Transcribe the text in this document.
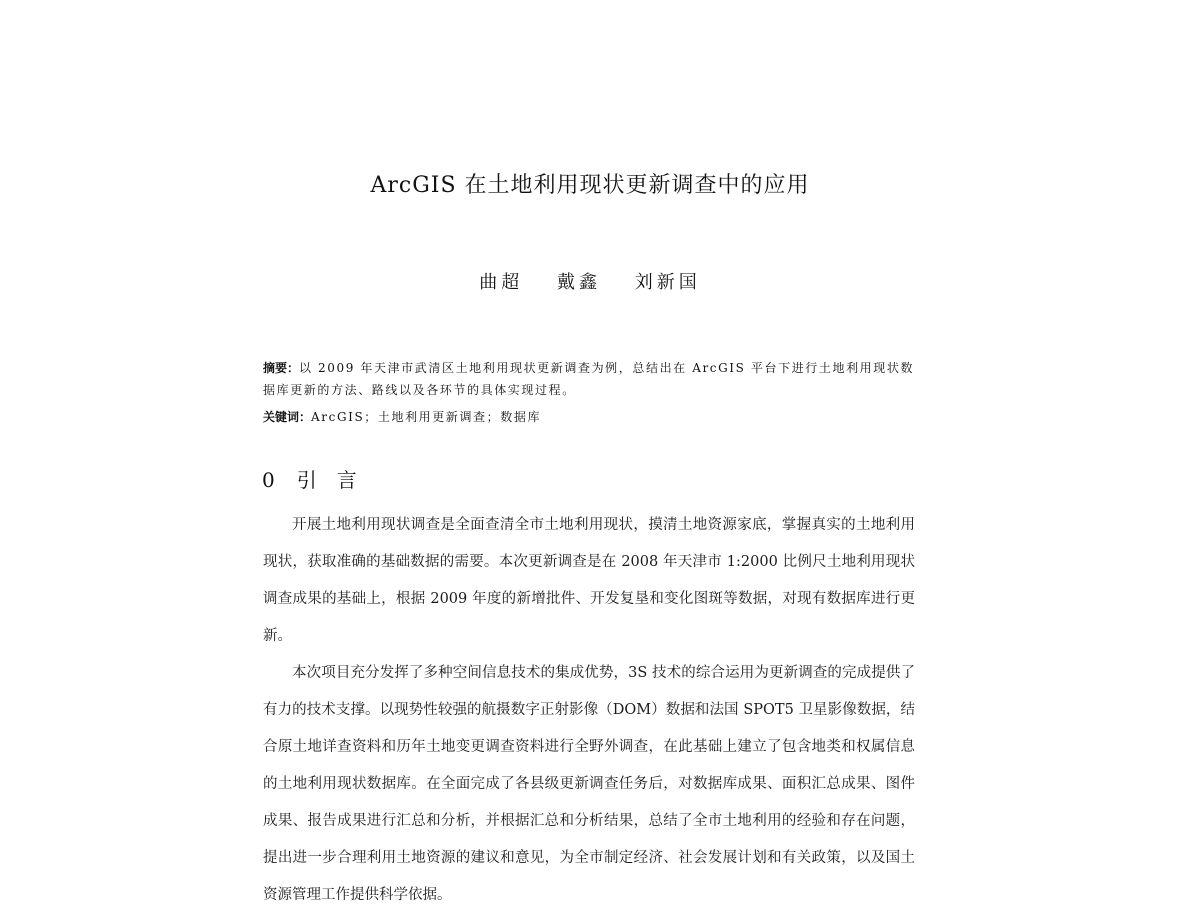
ArcGIS 在土地利用现状更新调查中的应用
曲超 戴鑫 刘新国
摘要：以 2009 年天津市武清区土地利用现状更新调查为例，总结出在 ArcGIS 平台下进行土地利用现状数据库更新的方法、路线以及各环节的具体实现过程。
关键词：ArcGIS；土地利用更新调查；数据库
0 引　言

开展土地利用现状调查是全面查清全市土地利用现状，摸清土地资源家底，掌握真实的土地利用现状，获取准确的基础数据的需要。本次更新调查是在 2008 年天津市 1:2000 比例尺土地利用现状调查成果的基础上，根据 2009 年度的新增批件、开发复垦和变化图斑等数据，对现有数据库进行更新。

本次项目充分发挥了多种空间信息技术的集成优势，3S 技术的综合运用为更新调查的完成提供了有力的技术支撑。以现势性较强的航摄数字正射影像（DOM）数据和法国 SPOT5 卫星影像数据，结合原土地详查资料和历年土地变更调查资料进行全野外调查，在此基础上建立了包含地类和权属信息的土地利用现状数据库。在全面完成了各县级更新调查任务后，对数据库成果、面积汇总成果、图件成果、报告成果进行汇总和分析，并根据汇总和分析结果，总结了全市土地利用的经验和存在问题，提出进一步合理利用土地资源的建议和意见，为全市制定经济、社会发展计划和有关政策，以及国土资源管理工作提供科学依据。
